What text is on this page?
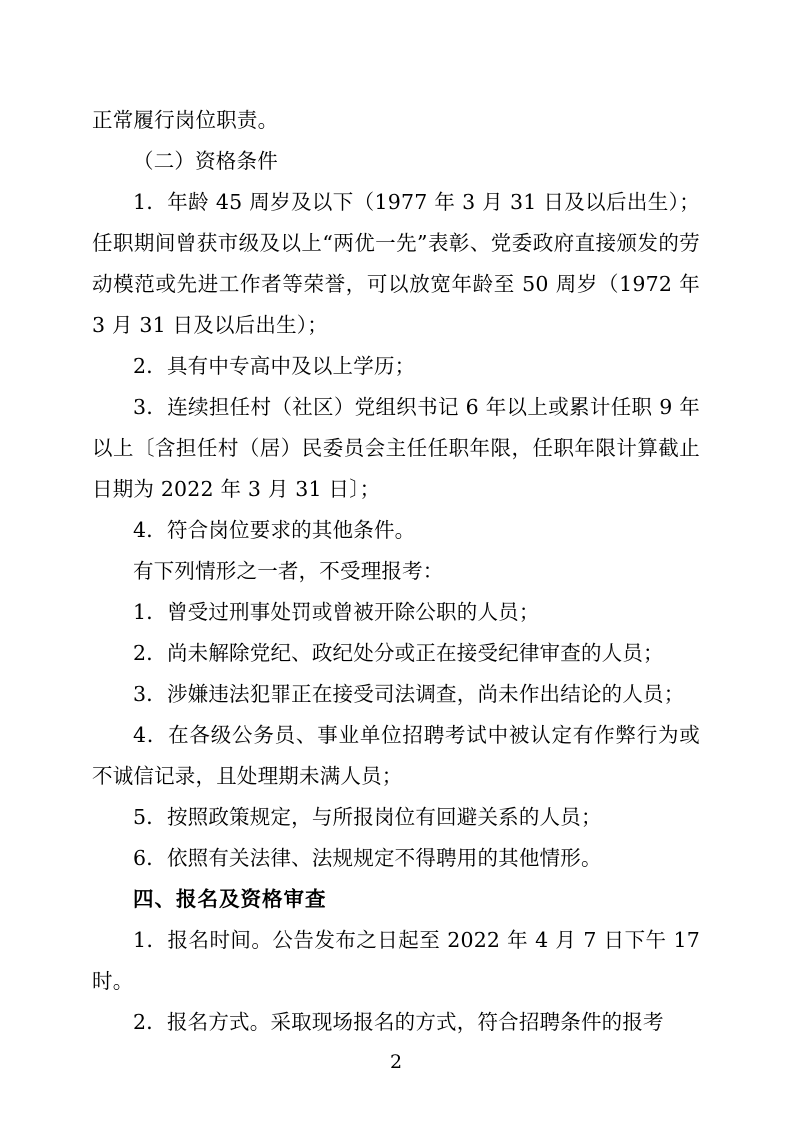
正常履行岗位职责。

（二）资格条件

1．年龄 45 周岁及以下（1977 年 3 月 31 日及以后出生）；任职期间曾获市级及以上“两优一先”表彰、党委政府直接颁发的劳动模范或先进工作者等荣誉，可以放宽年龄至 50 周岁（1972 年 3 月 31 日及以后出生）；

2．具有中专高中及以上学历；

3．连续担任村（社区）党组织书记 6 年以上或累计任职 9 年以上〔含担任村（居）民委员会主任任职年限，任职年限计算截止日期为 2022 年 3 月 31 日〕；

4．符合岗位要求的其他条件。

有下列情形之一者，不受理报考：

1．曾受过刑事处罚或曾被开除公职的人员；

2．尚未解除党纪、政纪处分或正在接受纪律审查的人员；

3．涉嫌违法犯罪正在接受司法调查，尚未作出结论的人员；

4．在各级公务员、事业单位招聘考试中被认定有作弊行为或不诚信记录，且处理期未满人员；

5．按照政策规定，与所报岗位有回避关系的人员；

6．依照有关法律、法规规定不得聘用的其他情形。

四、报名及资格审查

1．报名时间。公告发布之日起至 2022 年 4 月 7 日下午 17 时。

2．报名方式。采取现场报名的方式，符合招聘条件的报考

2
